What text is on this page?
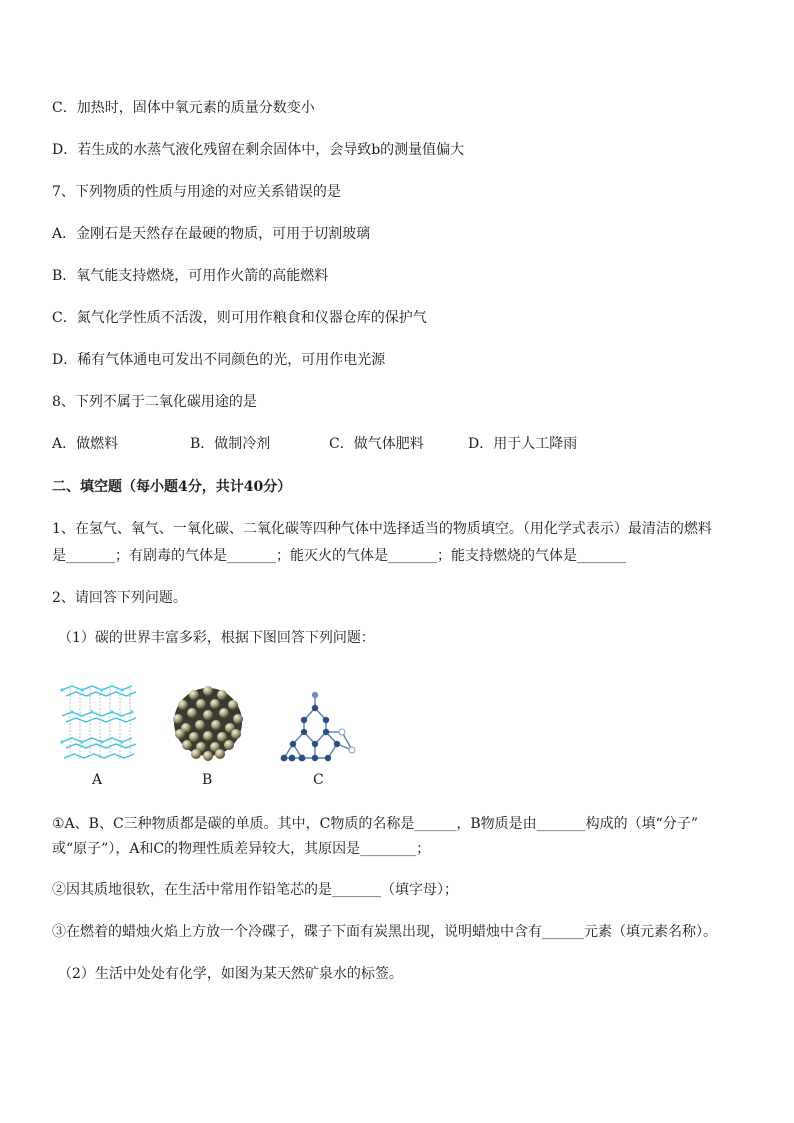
C．加热时，固体中氧元素的质量分数变小
D．若生成的水蒸气液化残留在剩余固体中，会导致b的测量值偏大
7、下列物质的性质与用途的对应关系错误的是
A．金刚石是天然存在最硬的物质，可用于切割玻璃
B．氧气能支持燃烧，可用作火箭的高能燃料
C．氮气化学性质不活泼，则可用作粮食和仪器仓库的保护气
D．稀有气体通电可发出不同颜色的光，可用作电光源
8、下列不属于二氧化碳用途的是
A．做燃料	B．做制冷剂	C．做气体肥料	D．用于人工降雨
二、填空题（每小题4分，共计40分）
1、在氢气、氧气、一氧化碳、二氧化碳等四种气体中选择适当的物质填空。（用化学式表示）最清洁的燃料
是_______；有剧毒的气体是_______；能灭火的气体是_______；能支持燃烧的气体是_______
2、请回答下列问题。
（1）碳的世界丰富多彩，根据下图回答下列问题：
A	B	C
①A、B、C三种物质都是碳的单质。其中，C物质的名称是______，B物质是由_______构成的（填“分子”
或“原子”），A和C的物理性质差异较大，其原因是________；
②因其质地很软，在生活中常用作铅笔芯的是_______（填字母）；
③在燃着的蜡烛火焰上方放一个冷碟子，碟子下面有炭黑出现，说明蜡烛中含有______元素（填元素名称）。
（2）生活中处处有化学，如图为某天然矿泉水的标签。
